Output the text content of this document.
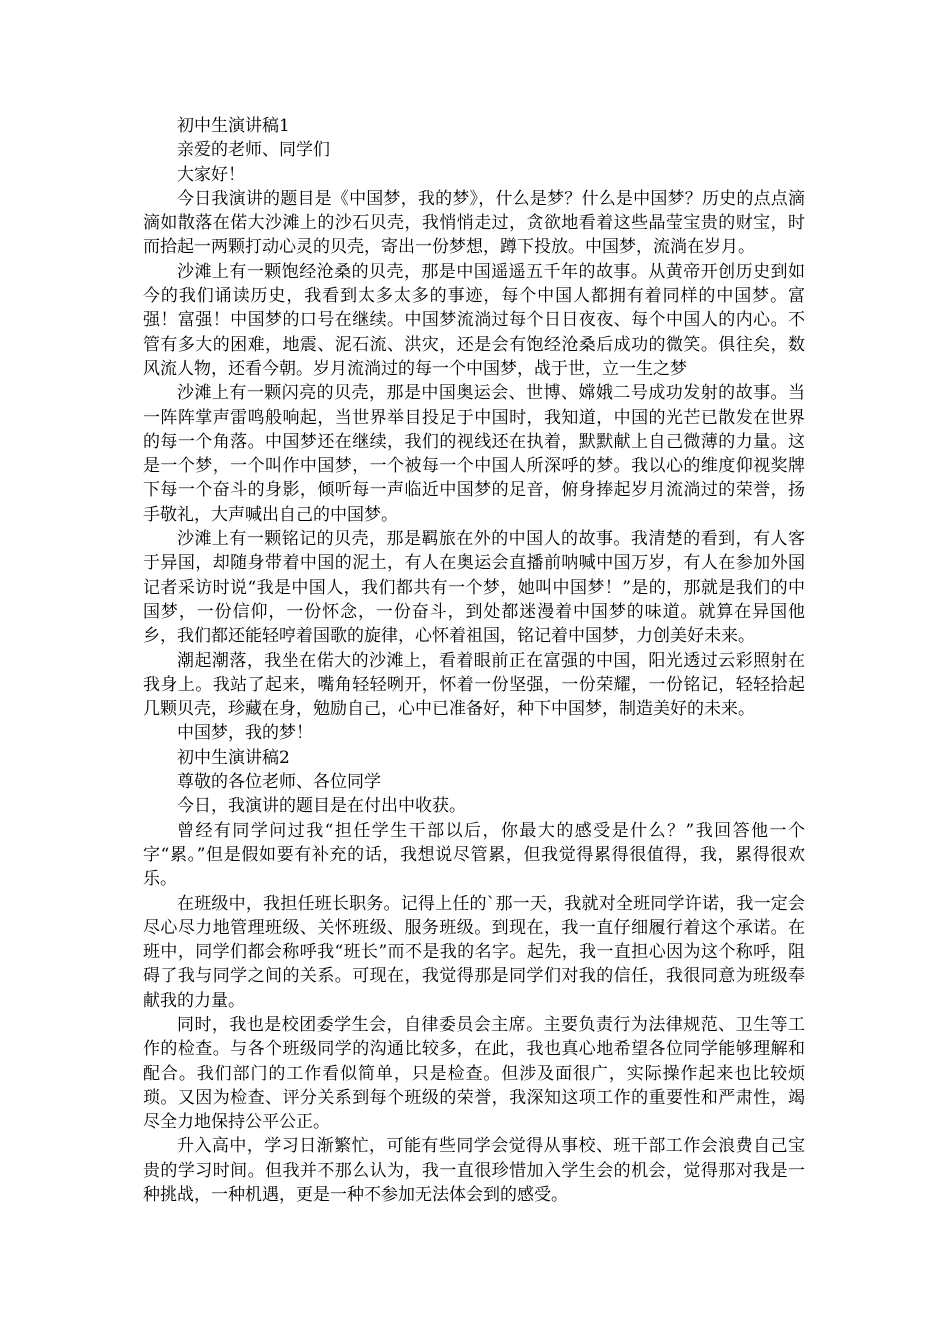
初中生演讲稿1

亲爱的老师、同学们

大家好！

今日我演讲的题目是《中国梦，我的梦》，什么是梦？什么是中国梦？历史的点点滴滴如散落在偌大沙滩上的沙石贝壳，我悄悄走过，贪欲地看着这些晶莹宝贵的财宝，时而拾起一两颗打动心灵的贝壳，寄出一份梦想，蹲下投放。中国梦，流淌在岁月。

沙滩上有一颗饱经沧桑的贝壳，那是中国遥遥五千年的故事。从黄帝开创历史到如今的我们诵读历史，我看到太多太多的事迹，每个中国人都拥有着同样的中国梦。富强！富强！中国梦的口号在继续。中国梦流淌过每个日日夜夜、每个中国人的内心。不管有多大的困难，地震、泥石流、洪灾，还是会有饱经沧桑后成功的微笑。俱往矣，数风流人物，还看今朝。岁月流淌过的每一个中国梦，战于世，立一生之梦

沙滩上有一颗闪亮的贝壳，那是中国奥运会、世博、嫦娥二号成功发射的故事。当一阵阵掌声雷鸣般响起，当世界举目投足于中国时，我知道，中国的光芒已散发在世界的每一个角落。中国梦还在继续，我们的视线还在执着，默默献上自己微薄的力量。这是一个梦，一个叫作中国梦，一个被每一个中国人所深呼的梦。我以心的维度仰视奖牌下每一个奋斗的身影，倾听每一声临近中国梦的足音，俯身捧起岁月流淌过的荣誉，扬手敬礼，大声喊出自己的中国梦。

沙滩上有一颗铭记的贝壳，那是羁旅在外的中国人的故事。我清楚的看到，有人客于异国，却随身带着中国的泥土，有人在奥运会直播前呐喊中国万岁，有人在参加外国记者采访时说“我是中国人，我们都共有一个梦，她叫中国梦！”是的，那就是我们的中国梦，一份信仰，一份怀念，一份奋斗，到处都迷漫着中国梦的味道。就算在异国他乡，我们都还能轻哼着国歌的旋律，心怀着祖国，铭记着中国梦，力创美好未来。

潮起潮落，我坐在偌大的沙滩上，看着眼前正在富强的中国，阳光透过云彩照射在我身上。我站了起来，嘴角轻轻咧开，怀着一份坚强，一份荣耀，一份铭记，轻轻拾起几颗贝壳，珍藏在身，勉励自己，心中已准备好，种下中国梦，制造美好的未来。

中国梦，我的梦！

初中生演讲稿2

尊敬的各位老师、各位同学

今日，我演讲的题目是在付出中收获。

曾经有同学问过我“担任学生干部以后，你最大的感受是什么？”我回答他一个字“累。”但是假如要有补充的话，我想说尽管累，但我觉得累得很值得，我，累得很欢乐。

在班级中，我担任班长职务。记得上任的`那一天，我就对全班同学许诺，我一定会尽心尽力地管理班级、关怀班级、服务班级。到现在，我一直仔细履行着这个承诺。在班中，同学们都会称呼我“班长”而不是我的名字。起先，我一直担心因为这个称呼，阻碍了我与同学之间的关系。可现在，我觉得那是同学们对我的信任，我很同意为班级奉献我的力量。

同时，我也是校团委学生会，自律委员会主席。主要负责行为法律规范、卫生等工作的检查。与各个班级同学的沟通比较多，在此，我也真心地希望各位同学能够理解和配合。我们部门的工作看似简单，只是检查。但涉及面很广，实际操作起来也比较烦琐。又因为检查、评分关系到每个班级的荣誉，我深知这项工作的重要性和严肃性，竭尽全力地保持公平公正。

升入高中，学习日渐繁忙，可能有些同学会觉得从事校、班干部工作会浪费自己宝贵的学习时间。但我并不那么认为，我一直很珍惜加入学生会的机会，觉得那对我是一种挑战，一种机遇，更是一种不参加无法体会到的感受。
